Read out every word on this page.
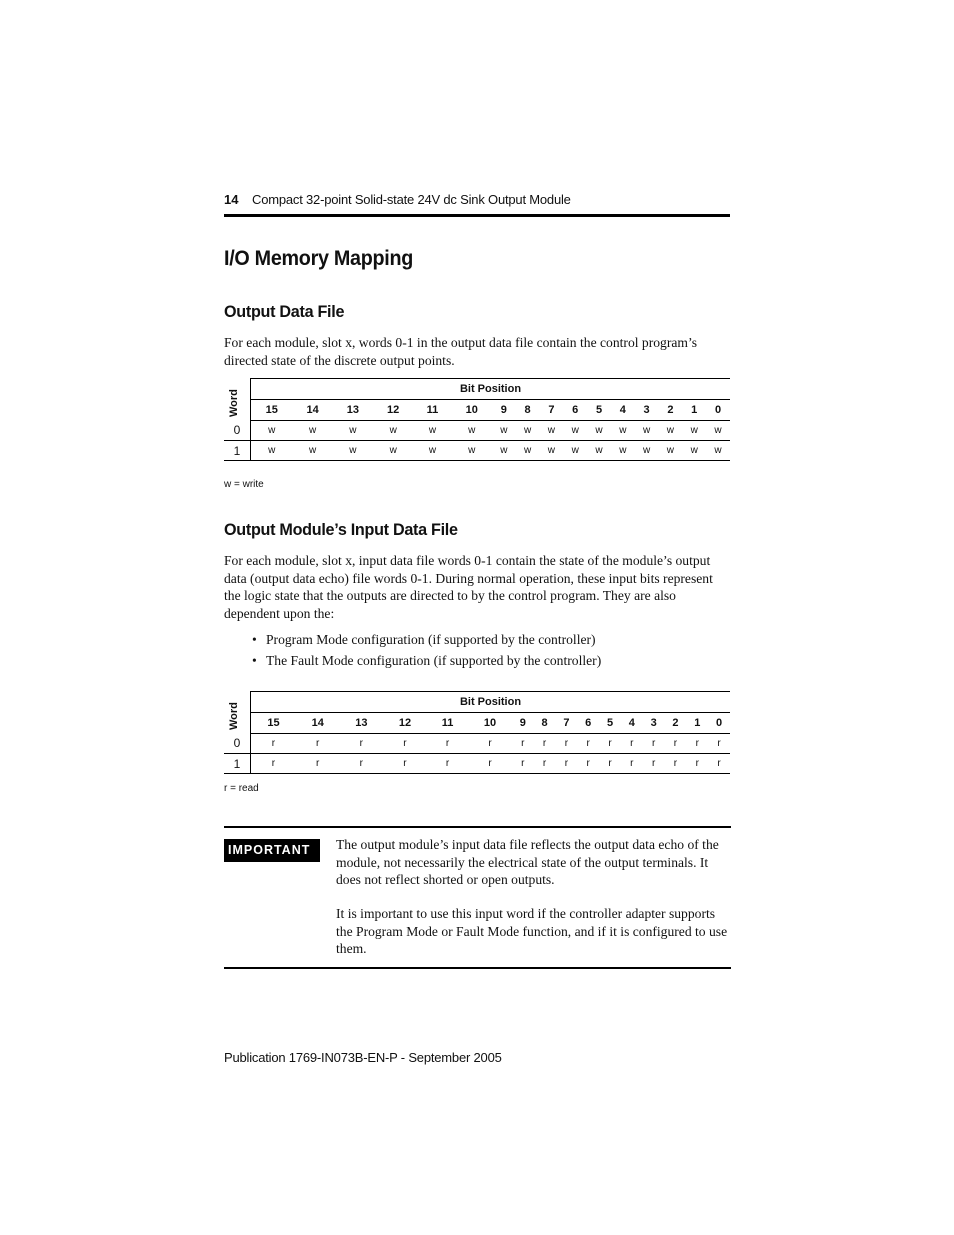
14 Compact 32-point Solid-state 24V dc Sink Output Module
I/O Memory Mapping
Output Data File
For each module, slot x, words 0-1 in the output data file contain the control program’s directed state of the discrete output points.
Word	Bit Position															
	15	14	13	12	11	10	9	8	7	6	5	4	3	2	1	0
0	w	w	w	w	w	w	w	w	w	w	w	w	w	w	w	w
1	w	w	w	w	w	w	w	w	w	w	w	w	w	w	w	w
w = write
Output Module’s Input Data File
For each module, slot x, input data file words 0-1 contain the state of the module’s output data (output data echo) file words 0-1. During normal operation, these input bits represent the logic state that the outputs are directed to by the control program. They are also dependent upon the:
• Program Mode configuration (if supported by the controller)
• The Fault Mode configuration (if supported by the controller)
Word	Bit Position															
	15	14	13	12	11	10	9	8	7	6	5	4	3	2	1	0
0	r	r	r	r	r	r	r	r	r	r	r	r	r	r	r	r
1	r	r	r	r	r	r	r	r	r	r	r	r	r	r	r	r
r = read
IMPORTANT	The output module’s input data file reflects the output data echo of the module, not necessarily the electrical state of the output terminals. It does not reflect shorted or open outputs.
It is important to use this input word if the controller adapter supports the Program Mode or Fault Mode function, and if it is configured to use them.
Publication 1769-IN073B-EN-P - September 2005
